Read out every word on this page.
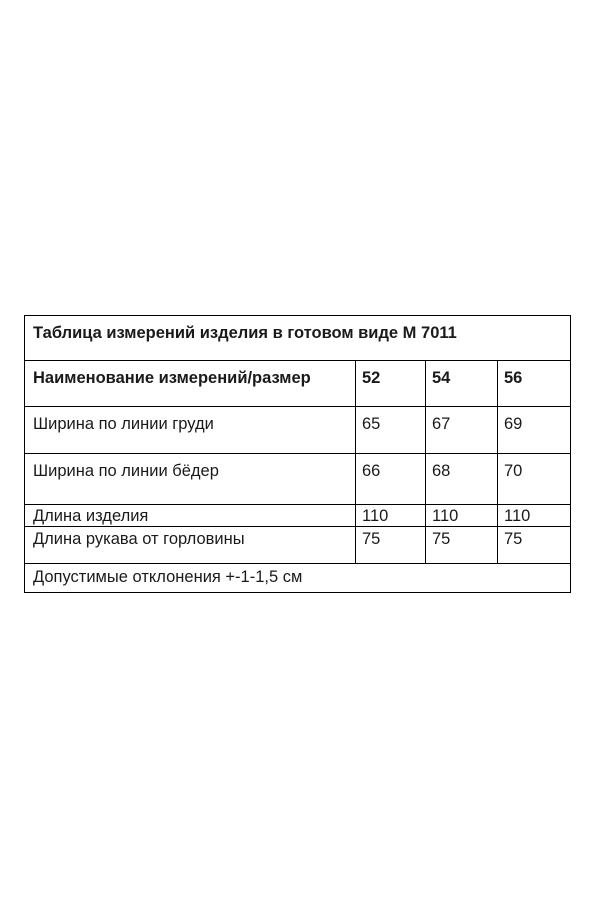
Таблица измерений изделия в готовом виде М 7011			
Наименование измерений/размер	52	54	56
Ширина по линии груди	65	67	69
Ширина по линии бёдер	66	68	70
Длина изделия	110	110	110
Длина рукава от горловины	75	75	75
Допустимые отклонения +-1-1,5 см			
